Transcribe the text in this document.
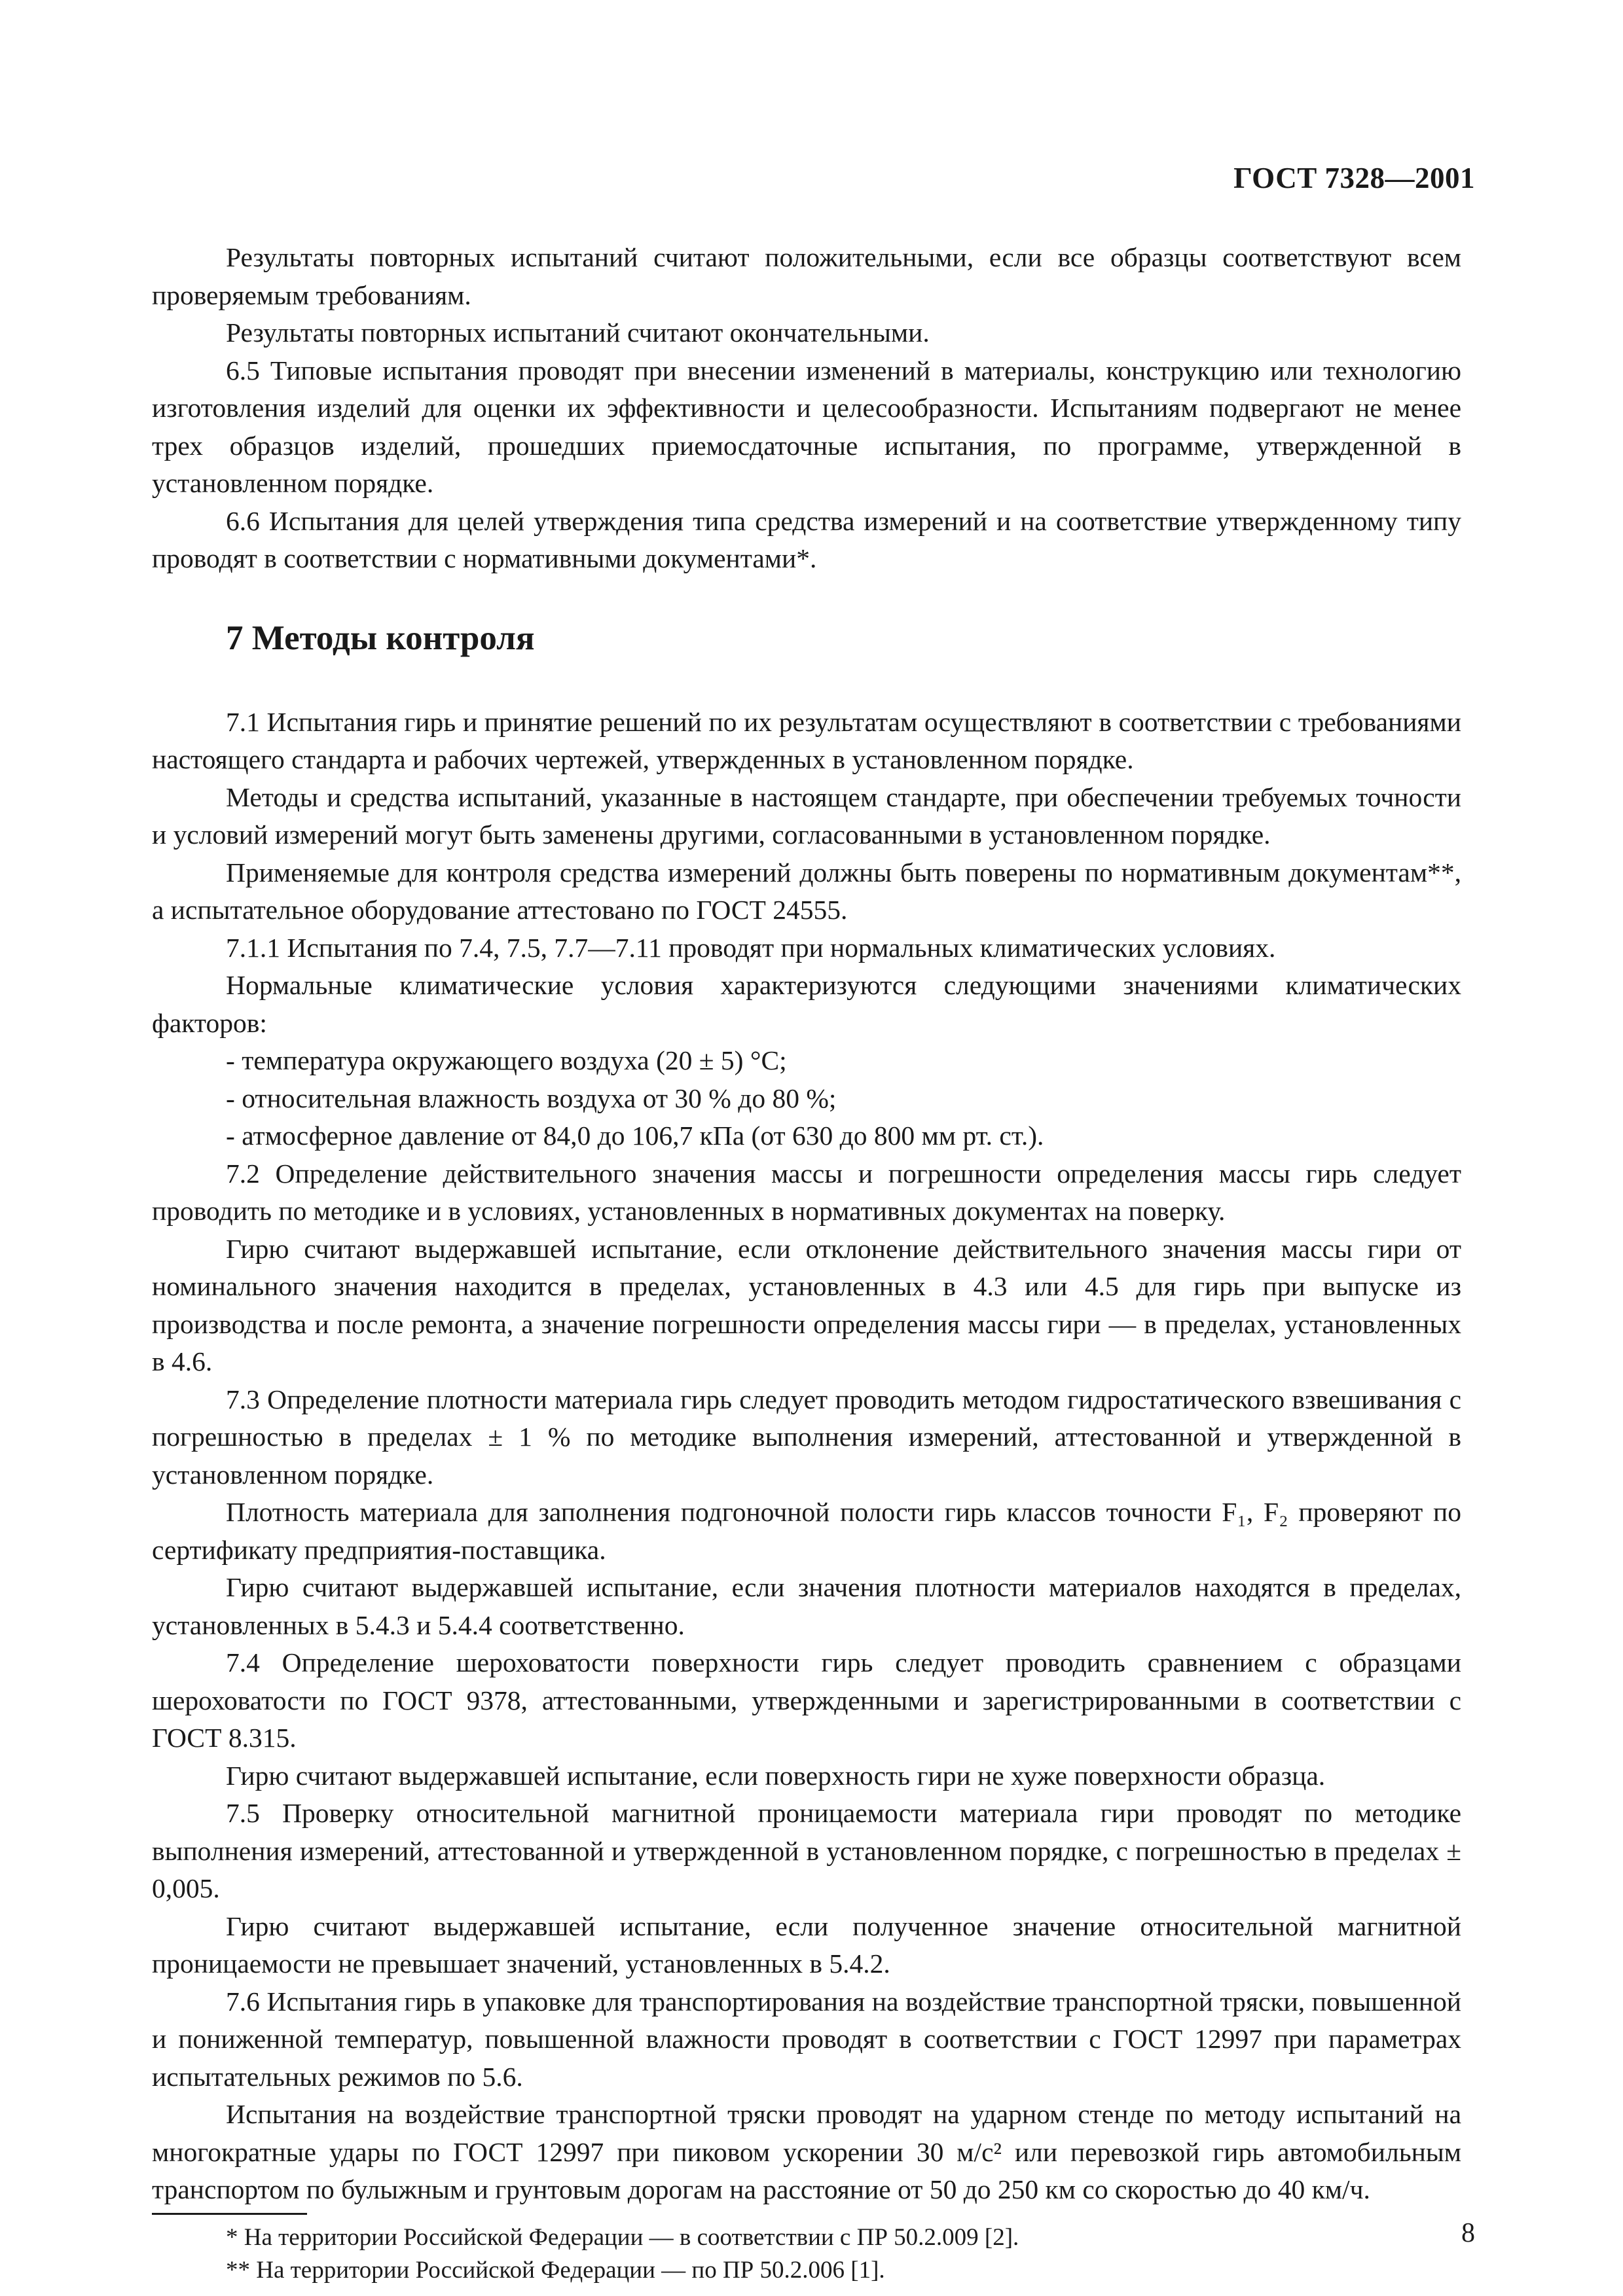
ГОСТ 7328—2001

Результаты повторных испытаний считают положительными, если все образцы соответствуют всем проверяемым требованиям.

Результаты повторных испытаний считают окончательными.

6.5 Типовые испытания проводят при внесении изменений в материалы, конструкцию или технологию изготовления изделий для оценки их эффективности и целесообразности. Испытаниям подвергают не менее трех образцов изделий, прошедших приемосдаточные испытания, по программе, утвержденной в установленном порядке.

6.6 Испытания для целей утверждения типа средства измерений и на соответствие утвержденному типу проводят в соответствии с нормативными документами*.

7 Методы контроля

7.1 Испытания гирь и принятие решений по их результатам осуществляют в соответствии с требованиями настоящего стандарта и рабочих чертежей, утвержденных в установленном порядке.

Методы и средства испытаний, указанные в настоящем стандарте, при обеспечении требуемых точности и условий измерений могут быть заменены другими, согласованными в установленном порядке.

Применяемые для контроля средства измерений должны быть поверены по нормативным документам**, а испытательное оборудование аттестовано по ГОСТ 24555.

7.1.1 Испытания по 7.4, 7.5, 7.7—7.11 проводят при нормальных климатических условиях.

Нормальные климатические условия характеризуются следующими значениями климатических факторов:

- температура окружающего воздуха (20 ± 5) °С;

- относительная влажность воздуха от 30 % до 80 %;

- атмосферное давление от 84,0 до 106,7 кПа (от 630 до 800 мм рт. ст.).

7.2 Определение действительного значения массы и погрешности определения массы гирь следует проводить по методике и в условиях, установленных в нормативных документах на поверку.

Гирю считают выдержавшей испытание, если отклонение действительного значения массы гири от номинального значения находится в пределах, установленных в 4.3 или 4.5 для гирь при выпуске из производства и после ремонта, а значение погрешности определения массы гири — в пределах, установленных в 4.6.

7.3 Определение плотности материала гирь следует проводить методом гидростатического взвешивания с погрешностью в пределах ± 1 % по методике выполнения измерений, аттестованной и утвержденной в установленном порядке.

Плотность материала для заполнения подгоночной полости гирь классов точности F₁, F₂ проверяют по сертификату предприятия-поставщика.

Гирю считают выдержавшей испытание, если значения плотности материалов находятся в пределах, установленных в 5.4.3 и 5.4.4 соответственно.

7.4 Определение шероховатости поверхности гирь следует проводить сравнением с образцами шероховатости по ГОСТ 9378, аттестованными, утвержденными и зарегистрированными в соответствии с ГОСТ 8.315.

Гирю считают выдержавшей испытание, если поверхность гири не хуже поверхности образца.

7.5 Проверку относительной магнитной проницаемости материала гири проводят по методике выполнения измерений, аттестованной и утвержденной в установленном порядке, с погрешностью в пределах ± 0,005.

Гирю считают выдержавшей испытание, если полученное значение относительной магнитной проницаемости не превышает значений, установленных в 5.4.2.

7.6 Испытания гирь в упаковке для транспортирования на воздействие транспортной тряски, повышенной и пониженной температур, повышенной влажности проводят в соответствии с ГОСТ 12997 при параметрах испытательных режимов по 5.6.

Испытания на воздействие транспортной тряски проводят на ударном стенде по методу испытаний на многократные удары по ГОСТ 12997 при пиковом ускорении 30 м/с² или перевозкой гирь автомобильным транспортом по булыжным и грунтовым дорогам на расстояние от 50 до 250 км со скоростью до 40 км/ч.

* На территории Российской Федерации — в соответствии с ПР 50.2.009 [2].

** На территории Российской Федерации — по ПР 50.2.006 [1].

8
